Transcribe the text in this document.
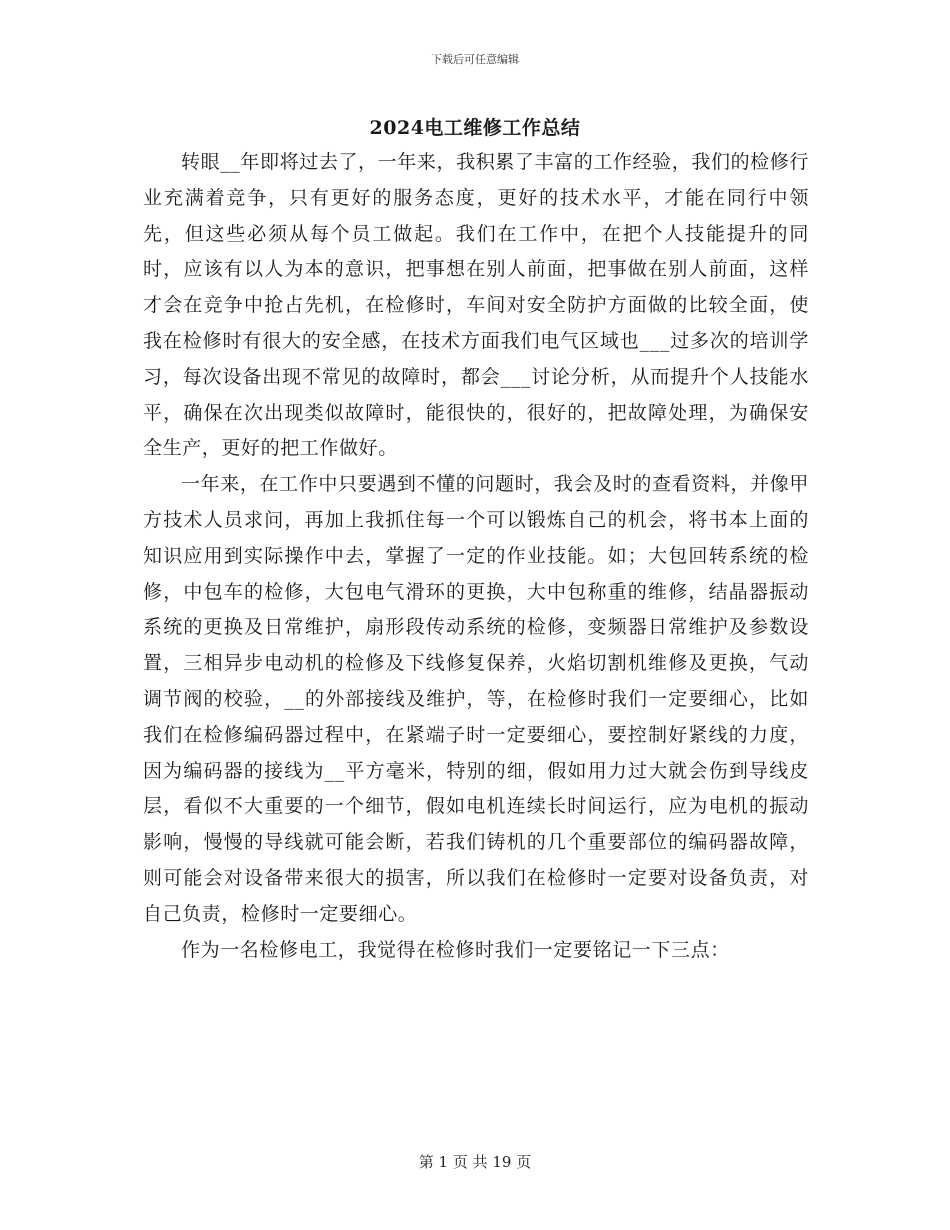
下载后可任意编辑
2024电工维修工作总结

转眼__年即将过去了，一年来，我积累了丰富的工作经验，我们的检修行业充满着竞争，只有更好的服务态度，更好的技术水平，才能在同行中领先，但这些必须从每个员工做起。我们在工作中，在把个人技能提升的同时，应该有以人为本的意识，把事想在别人前面，把事做在别人前面，这样才会在竞争中抢占先机，在检修时，车间对安全防护方面做的比较全面，使我在检修时有很大的安全感，在技术方面我们电气区域也___过多次的培训学习，每次设备出现不常见的故障时，都会___讨论分析，从而提升个人技能水平，确保在次出现类似故障时，能很快的，很好的，把故障处理，为确保安全生产，更好的把工作做好。

一年来，在工作中只要遇到不懂的问题时，我会及时的查看资料，并像甲方技术人员求问，再加上我抓住每一个可以锻炼自己的机会，将书本上面的知识应用到实际操作中去，掌握了一定的作业技能。如；大包回转系统的检修，中包车的检修，大包电气滑环的更换，大中包称重的维修，结晶器振动系统的更换及日常维护，扇形段传动系统的检修，变频器日常维护及参数设置，三相异步电动机的检修及下线修复保养，火焰切割机维修及更换，气动调节阀的校验，__的外部接线及维护，等，在检修时我们一定要细心，比如我们在检修编码器过程中，在紧端子时一定要细心，要控制好紧线的力度，因为编码器的接线为__平方毫米，特别的细，假如用力过大就会伤到导线皮层，看似不大重要的一个细节，假如电机连续长时间运行，应为电机的振动影响，慢慢的导线就可能会断，若我们铸机的几个重要部位的编码器故障，则可能会对设备带来很大的损害，所以我们在检修时一定要对设备负责，对自己负责，检修时一定要细心。

作为一名检修电工，我觉得在检修时我们一定要铭记一下三点：

第 1 页 共 19 页
